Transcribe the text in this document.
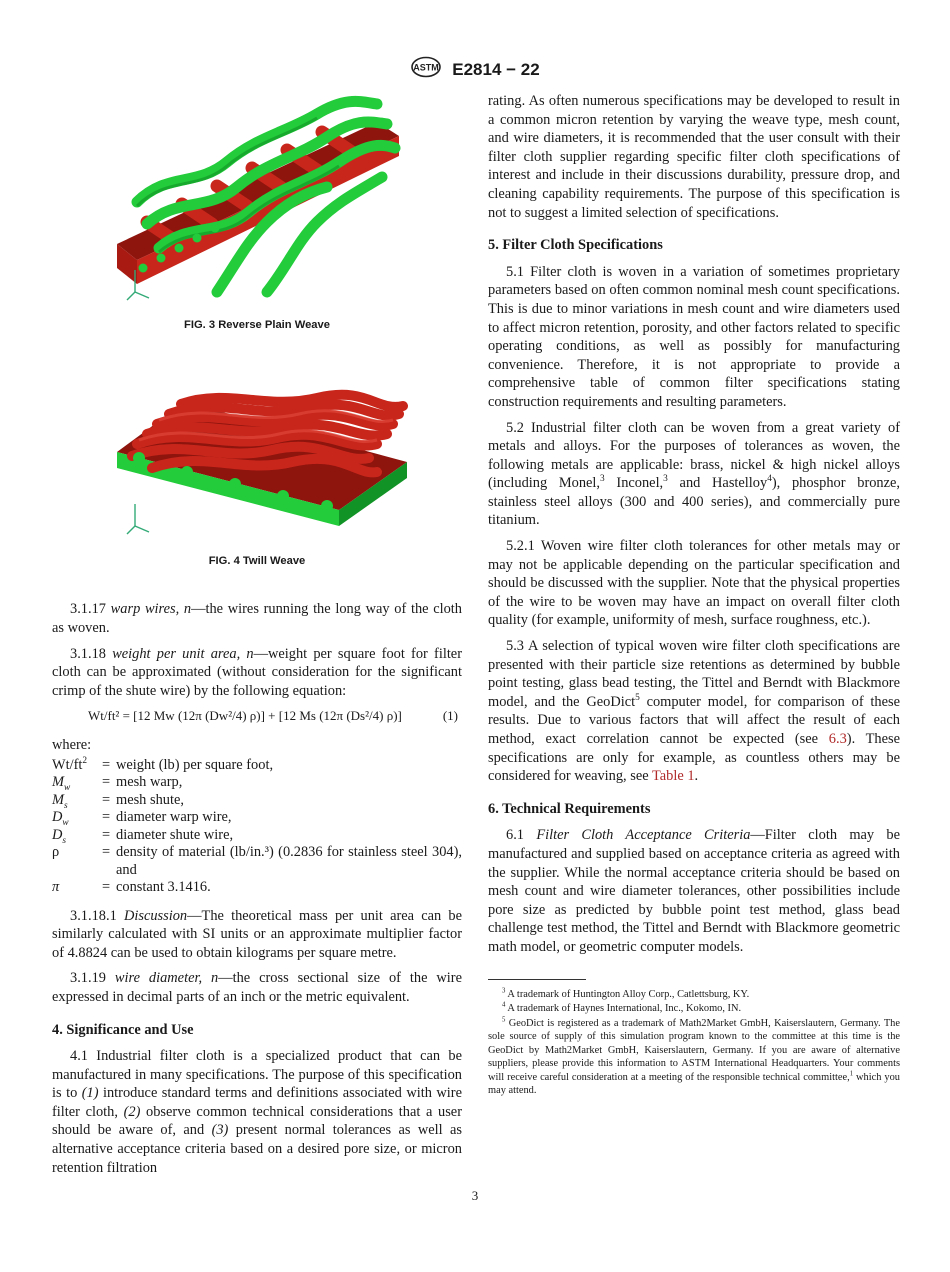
ASTM E2814 − 22
FIG. 3 Reverse Plain Weave
FIG. 4 Twill Weave

3.1.17 warp wires, n—the wires running the long way of the cloth as woven.

3.1.18 weight per unit area, n—weight per square foot for filter cloth can be approximated (without consideration for the significant crimp of the shute wire) by the following equation:

Wt/ft² = [12 Mw (12π (Dw²/4) ρ)] + [12 Ms (12π (Ds²/4) ρ)]	(1)
where:
$Wt/ft^2$	=	weight (lb) per square foot,
$M_w$	=	mesh warp,
$M_s$	=	mesh shute,
$D_w$	=	diameter warp wire,
$D_s$	=	diameter shute wire,
ρ	=	density of material (lb/in.³) (0.2836 for stainless steel 304), and
π	=	constant 3.1416.

3.1.18.1 Discussion—The theoretical mass per unit area can be similarly calculated with SI units or an approximate multiplier factor of 4.8824 can be used to obtain kilograms per square metre.

3.1.19 wire diameter, n—the cross sectional size of the wire expressed in decimal parts of an inch or the metric equivalent.

4. Significance and Use

4.1 Industrial filter cloth is a specialized product that can be manufactured in many specifications. The purpose of this specification is to (1) introduce standard terms and definitions associated with wire filter cloth, (2) observe common technical considerations that a user should be aware of, and (3) present normal tolerances as well as alternative acceptance criteria based on a desired pore size, or micron retention filtration

rating. As often numerous specifications may be developed to result in a common micron retention by varying the weave type, mesh count, and wire diameters, it is recommended that the user consult with their filter cloth supplier regarding specific filter cloth specifications of interest and include in their discussions durability, pressure drop, and cleaning capability requirements. The purpose of this specification is not to suggest a limited selection of specifications.

5. Filter Cloth Specifications

5.1 Filter cloth is woven in a variation of sometimes proprietary parameters based on often common nominal mesh count specifications. This is due to minor variations in mesh count and wire diameters used to affect micron retention, porosity, and other factors related to specific operating conditions, as well as possibly for manufacturing convenience. Therefore, it is not appropriate to provide a comprehensive table of common filter specifications stating construction requirements and resulting parameters.

5.2 Industrial filter cloth can be woven from a great variety of metals and alloys. For the purposes of tolerances as woven, the following metals are applicable: brass, nickel & high nickel alloys (including Monel,$^3$ Inconel,$^3$ and Hastelloy$^4$), phosphor bronze, stainless steel alloys (300 and 400 series), and commercially pure titanium.

5.2.1 Woven wire filter cloth tolerances for other metals may or may not be applicable depending on the particular specification and should be discussed with the supplier. Note that the physical properties of the wire to be woven may have an impact on overall filter cloth quality (for example, uniformity of mesh, surface roughness, etc.).

5.3 A selection of typical woven wire filter cloth specifications are presented with their particle size retentions as determined by bubble point testing, glass bead testing, the Tittel and Berndt with Blackmore model, and the GeoDict$^5$ computer model, for comparison of these results. Due to various factors that will affect the result of each method, exact correlation cannot be expected (see 6.3). These specifications are only for example, as countless others may be considered for weaving, see Table 1.

6. Technical Requirements

6.1 Filter Cloth Acceptance Criteria—Filter cloth may be manufactured and supplied based on acceptance criteria as agreed with the supplier. While the normal acceptance criteria should be based on mesh count and wire diameter tolerances, other possibilities include pore size as predicted by bubble point test method, glass bead challenge test method, the Tittel and Berndt with Blackmore geometric math model, or geometric computer models.

$^3$ A trademark of Huntington Alloy Corp., Catlettsburg, KY.

$^4$ A trademark of Haynes International, Inc., Kokomo, IN.

$^5$ GeoDict is registered as a trademark of Math2Market GmbH, Kaiserslautern, Germany. The sole source of supply of this simulation program known to the committee at this time is the GeoDict by Math2Market GmbH, Kaiserslautern, Germany. If you are aware of alternative suppliers, please provide this information to ASTM International Headquarters. Your comments will receive careful consideration at a meeting of the responsible technical committee,$^1$ which you may attend.

3
